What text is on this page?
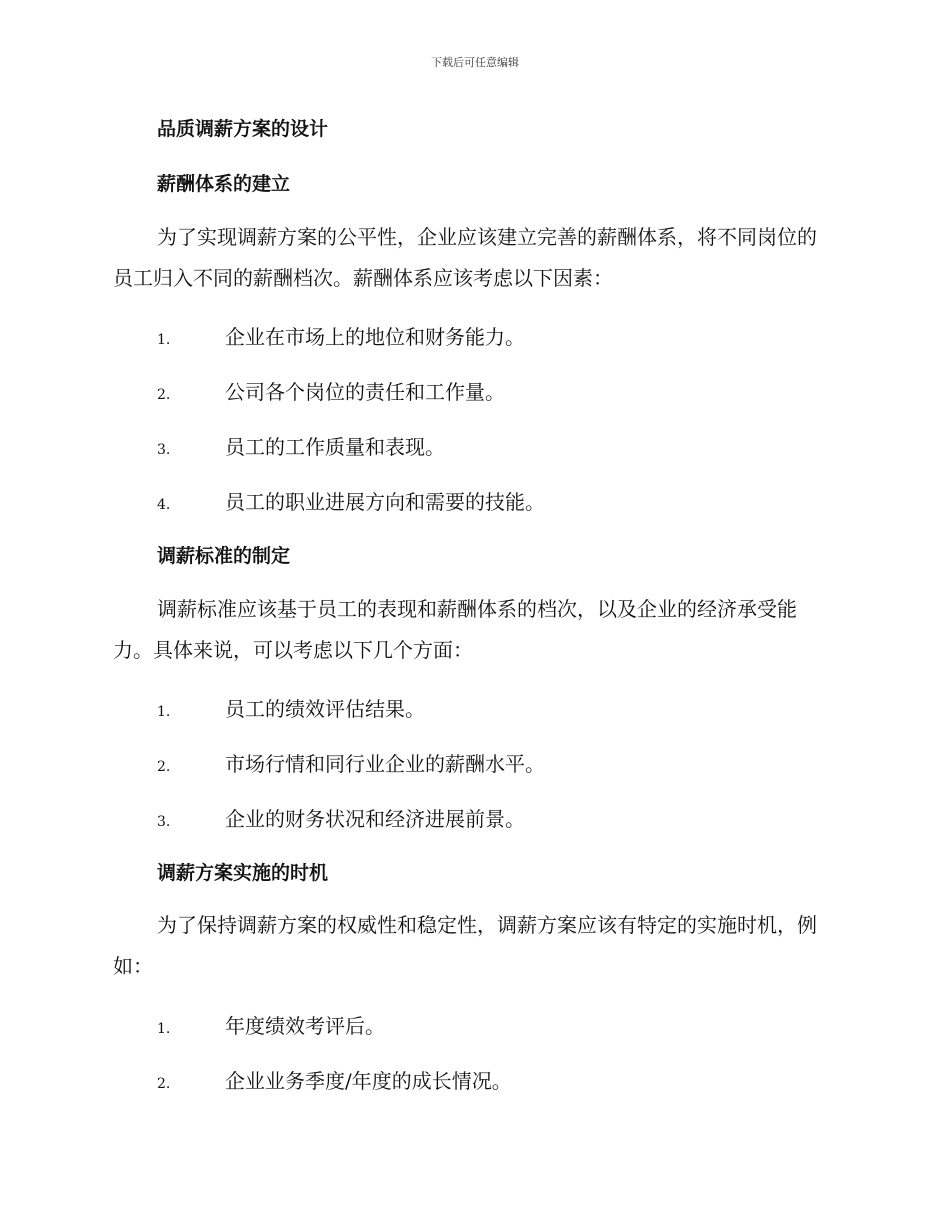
下载后可任意编辑
品质调薪方案的设计
薪酬体系的建立
为了实现调薪方案的公平性，企业应该建立完善的薪酬体系，将不同岗位的员工归入不同的薪酬档次。薪酬体系应该考虑以下因素：
1.	企业在市场上的地位和财务能力。
2.	公司各个岗位的责任和工作量。
3.	员工的工作质量和表现。
4.	员工的职业进展方向和需要的技能。
调薪标准的制定
调薪标准应该基于员工的表现和薪酬体系的档次，以及企业的经济承受能力。具体来说，可以考虑以下几个方面：
1.	员工的绩效评估结果。
2.	市场行情和同行业企业的薪酬水平。
3.	企业的财务状况和经济进展前景。
调薪方案实施的时机
为了保持调薪方案的权威性和稳定性，调薪方案应该有特定的实施时机，例如：
1.	年度绩效考评后。
2.	企业业务季度/年度的成长情况。
